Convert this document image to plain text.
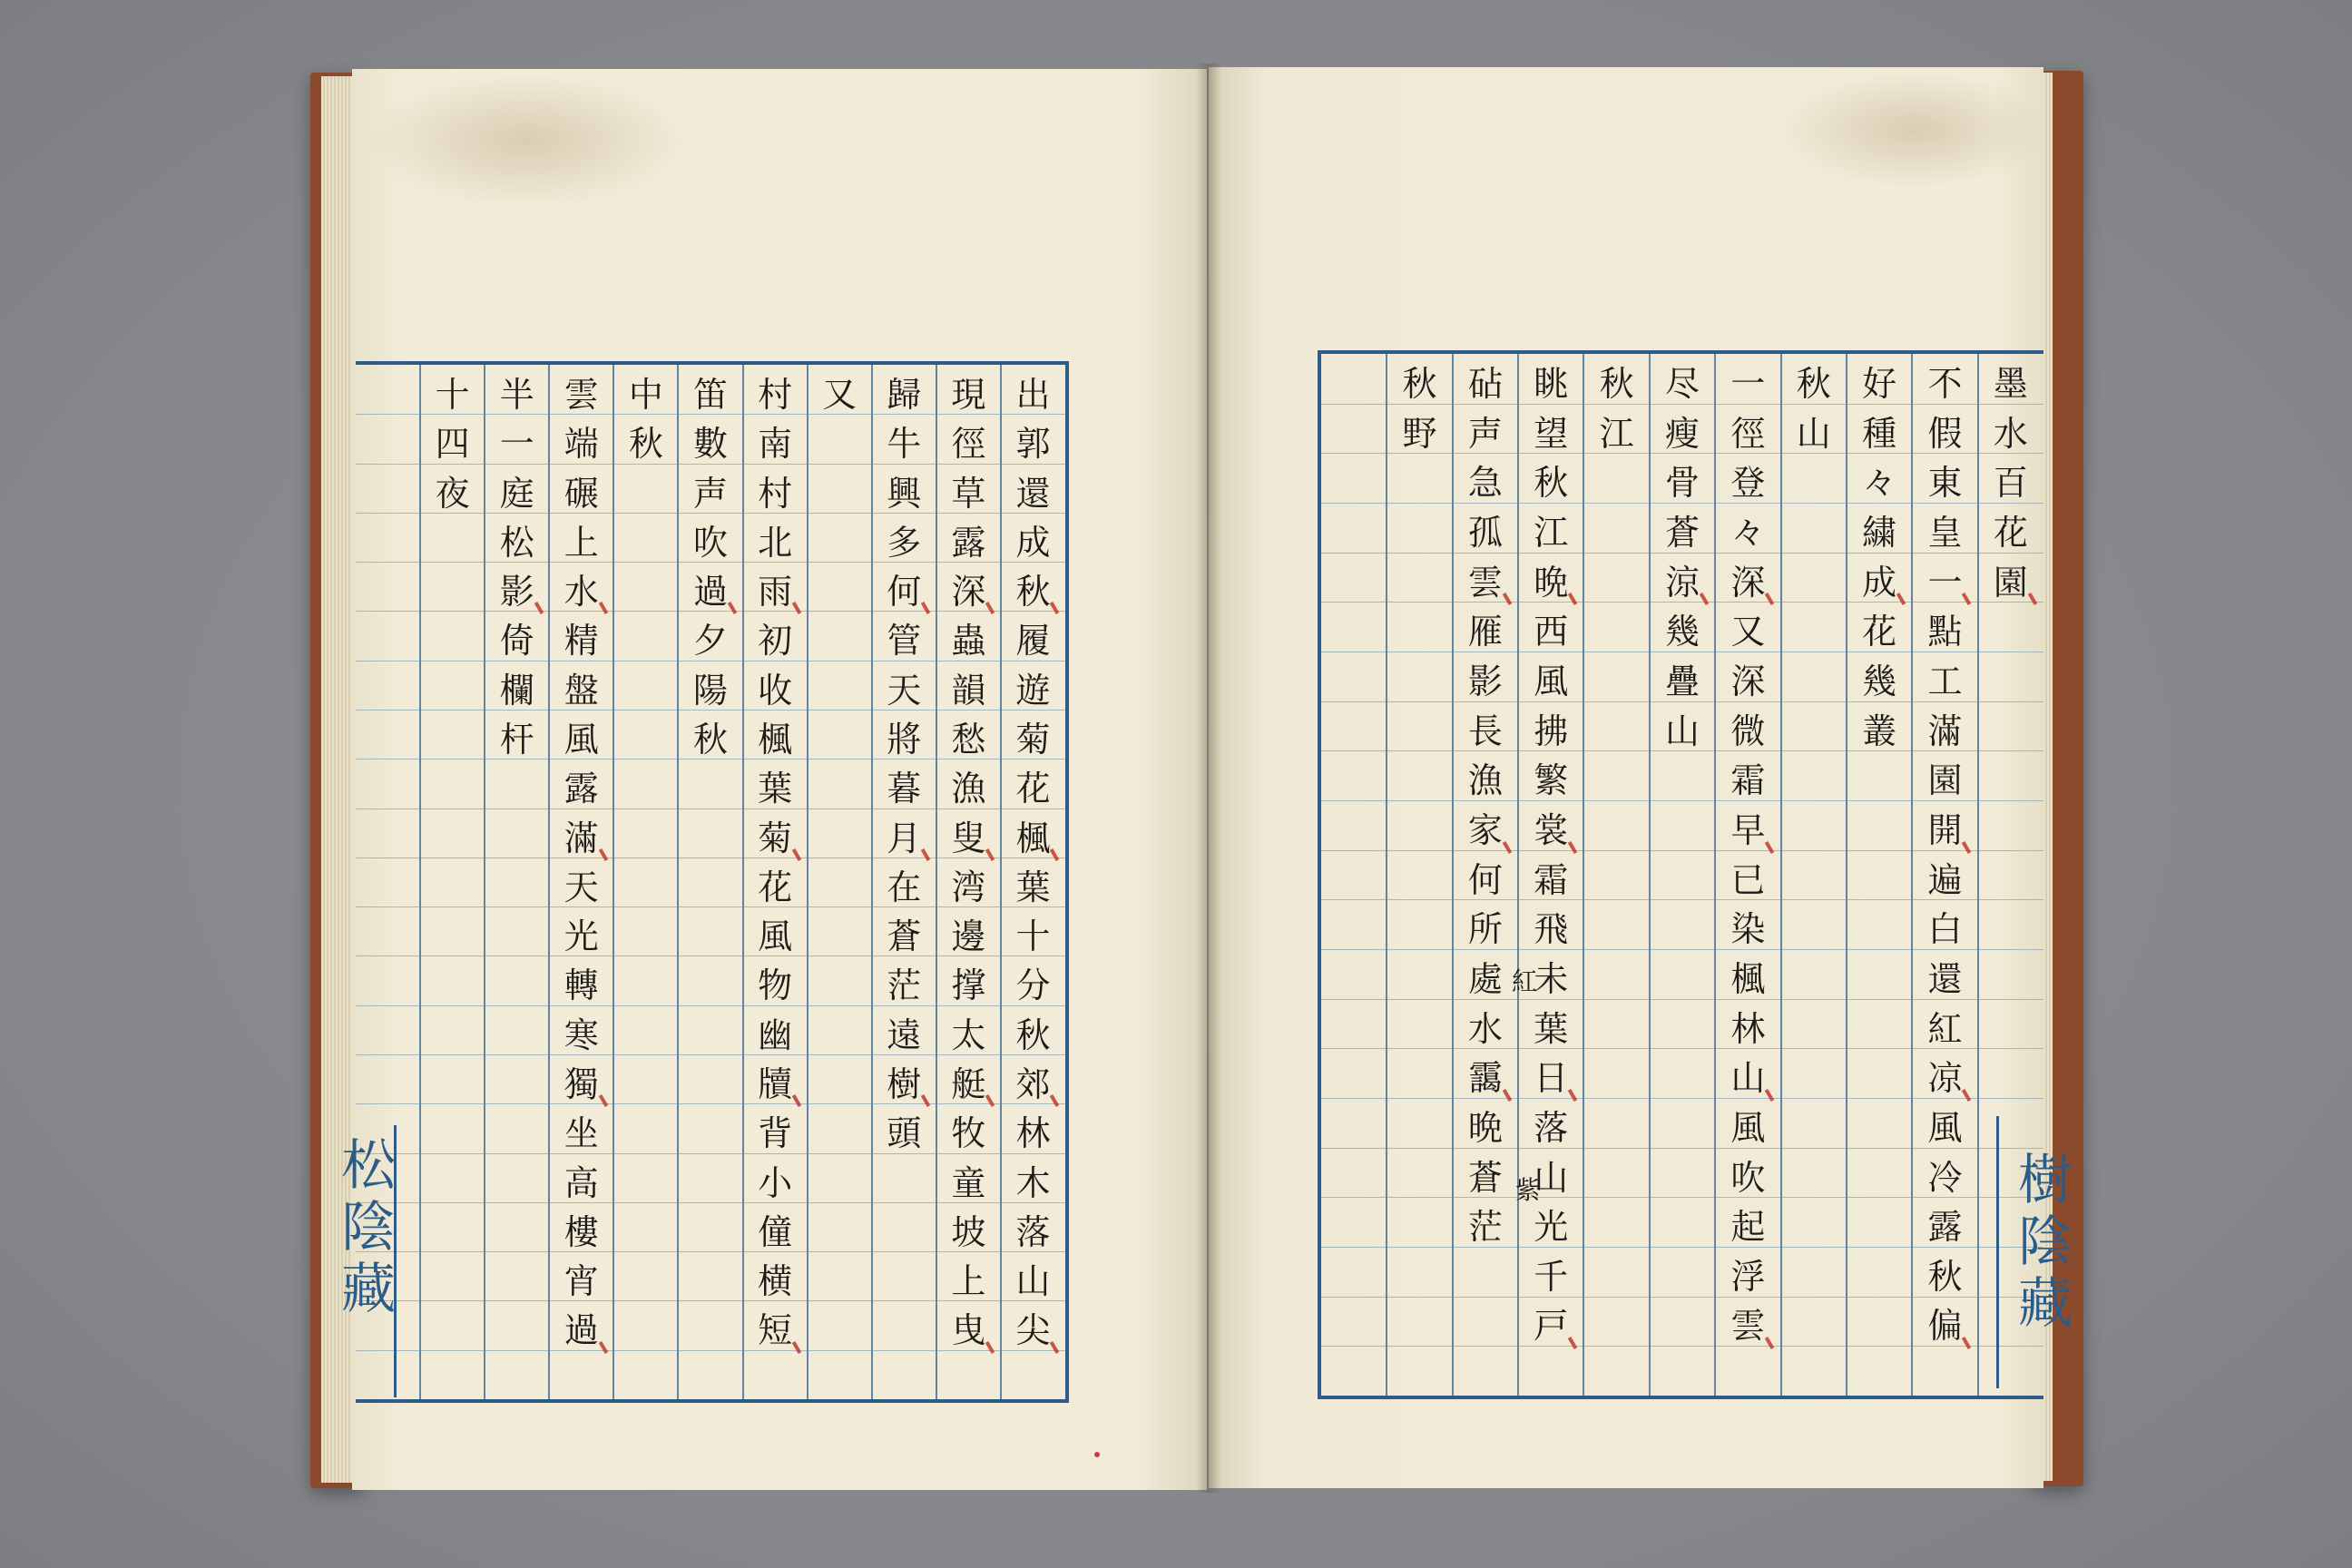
出
郭
還
成
秋
履
遊
菊
花
楓
葉
十
分
秋
郊
林
木
落
山
尖
現
徑
草
露
深
蟲
韻
愁
漁
叟
湾
邊
撑
太
艇
牧
童
坡
上
曳
歸
牛
興
多
何
管
天
將
暮
月
在
蒼
茫
遠
樹
頭
又
村
南
村
北
雨
初
收
楓
葉
菊
花
風
物
幽
牘
背
小
僮
横
短
笛
數
声
吹
過
夕
陽
秋
中
秋
雲
端
碾
上
水
精
盤
風
露
滿
天
光
轉
寒
獨
坐
高
樓
宵
過
半
一
庭
松
影
倚
欄
杆
十
四
夜
墨
水
百
花
園
不
假
東
皇
一
點
工
滿
園
開
遍
白
還
紅
凉
風
冷
露
秋
偏
好
種
々
繍
成
花
幾
叢
秋
山
一
徑
登
々
深
又
深
微
霜
早
已
染
楓
林
山
風
吹
起
浮
雲
尽
瘦
骨
蒼
涼
幾
疊
山
秋
江
眺
望
秋
江
晩
西
風
拂
繁
裳
霜
飛
未
葉
日
落
山
光
千
戸
砧
声
急
孤
雲
雁
影
長
漁
家
何
所
處
水
靄
晩
蒼
茫
秋
野
松陰藏	樹陰藏
紅
紫
